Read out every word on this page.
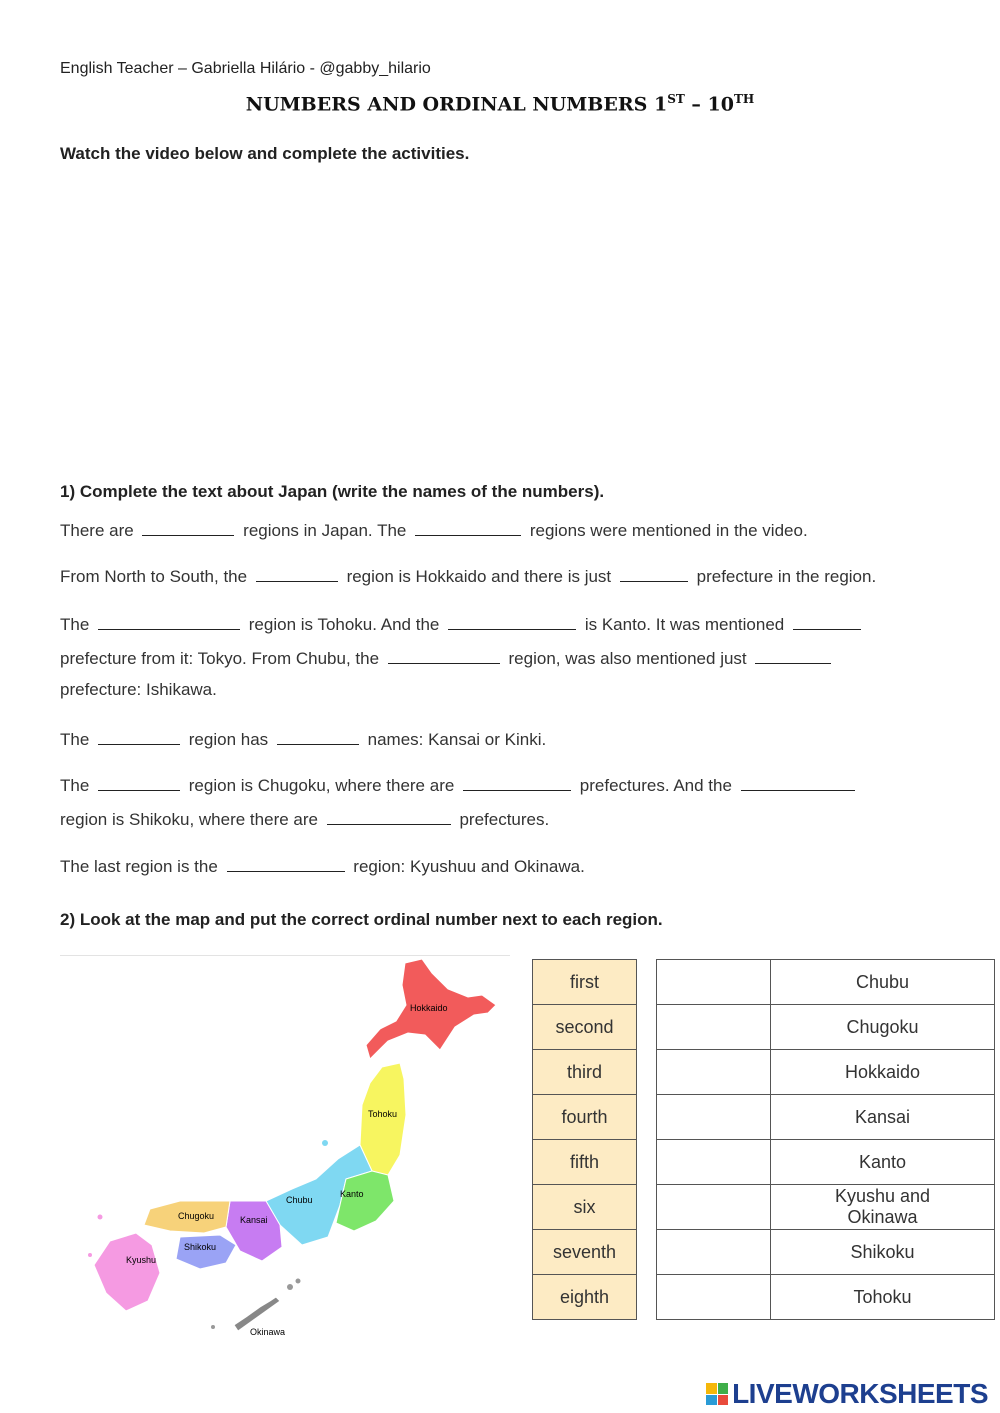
English Teacher – Gabriella Hilário - @gabby_hilario
NUMBERS AND ORDINAL NUMBERS 1ST – 10TH
Watch the video below and complete the activities.
1) Complete the text about Japan (write the names of the numbers).
There are	regions in Japan. The	regions were mentioned in the video.
From North to South, the	region is Hokkaido and there is just	prefecture in the region.
The	region is Tohoku. And the	is Kanto. It was mentioned
prefecture from it: Tokyo. From Chubu, the	region, was also mentioned just
prefecture: Ishikawa.
The	region has	names: Kansai or Kinki.
The	region is Chugoku, where there are	prefectures. And the
region is Shikoku, where there are	prefectures.
The last region is the	region: Kyushuu and Okinawa.
2) Look at the map and put the correct ordinal number next to each region.
Hokkaido
Tohoku
Chubu
Kanto
Kansai
Chugoku
Shikoku
Kyushu
Okinawa
first
second
third
fourth
fifth
six
seventh
eighth
	Chubu
	Chugoku
	Hokkaido
	Kansai
	Kanto
	Kyushu and Okinawa
	Shikoku
	Tohoku
LIVEWORKSHEETS
